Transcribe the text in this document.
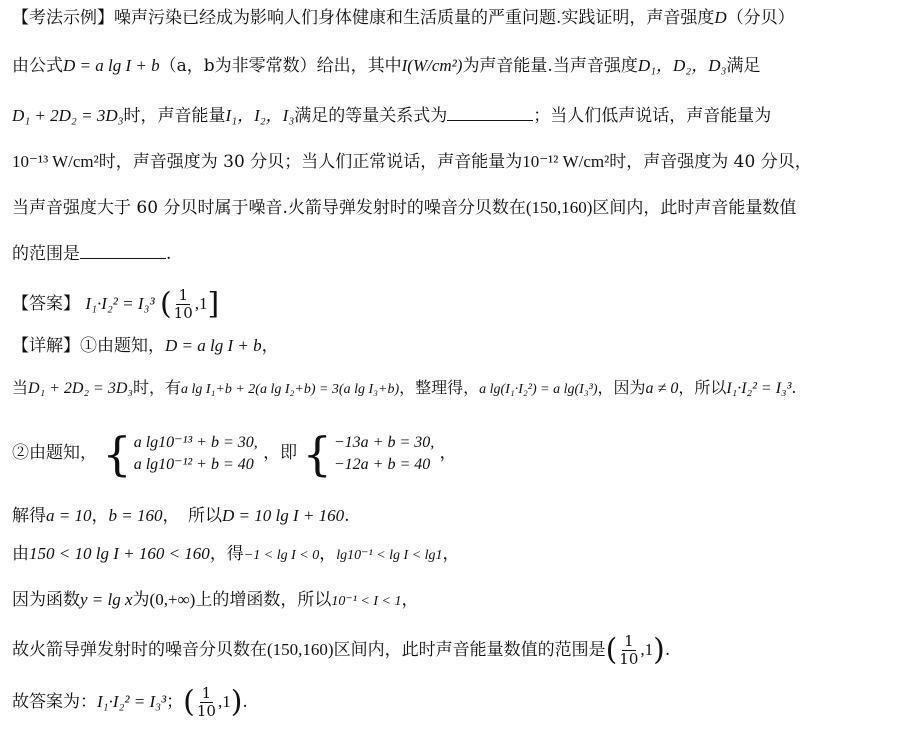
【考法示例】噪声污染已经成为影响人们身体健康和生活质量的严重问题.实践证明，声音强度D（分贝）
由公式D = a lg I + b（a，b为非零常数）给出，其中I(W/cm²)为声音能量.当声音强度D₁，D₂，D₃满足
D₁ + 2D₂ = 3D₃时，声音能量I₁，I₂，I₃满足的等量关系式为	；当人们低声说话，声音能量为
10⁻¹³ W/cm²时，声音强度为 30 分贝；当人们正常说话，声音能量为10⁻¹² W/cm²时，声音强度为 40 分贝，
当声音强度大于 60 分贝时属于噪音.火箭导弹发射时的噪音分贝数在(150,160)区间内，此时声音能量数值
的范围是	.
【答案】 I₁·I₂² = I₃³ ( $\frac{1}{10} ,1$]
【详解】①由题知，D = a lg I + b，
当D₁ + 2D₂ = 3D₃时，有a lg I₁+b + 2(a lg I₂+b) = 3(a lg I₃+b)，整理得，a lg(I₁·I₂²) = a lg(I₃³)，因为a ≠ 0，所以I₁·I₂² = I₃³.
②由题知， { a lg10⁻¹³ + b = 30,
a lg10⁻¹² + b = 40
，即 { −13a + b = 30,
−12a + b = 40
，
解得a = 10，b = 160，　所以D = 10 lg I + 160.
由150 < 10 lg I + 160 < 160，得−1 < lg I < 0，lg10⁻¹ < lg I < lg1，
因为函数y = lg x为(0,+∞)上的增函数，所以10⁻¹ < I < 1，
故火箭导弹发射时的噪音分贝数在(150,160)区间内，此时声音能量数值的范围是( $\frac{1}{10} ,1$).
故答案为：I₁·I₂² = I₃³；( $\frac{1}{10} ,1$).
